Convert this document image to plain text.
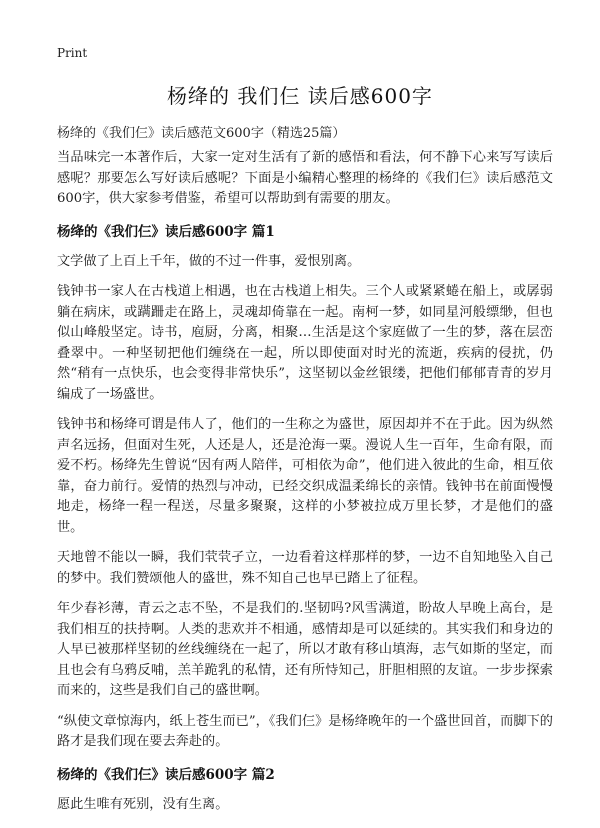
Print
杨绛的 我们仨 读后感600字
杨绛的《我们仨》读后感范文600字（精选25篇）

当品味完一本著作后，大家一定对生活有了新的感悟和看法，何不静下心来写写读后感呢？那要怎么写好读后感呢？下面是小编精心整理的杨绛的《我们仨》读后感范文600字，供大家参考借鉴，希望可以帮助到有需要的朋友。

杨绛的《我们仨》读后感600字 篇1

文学做了上百上千年，做的不过一件事，爱恨别离。

钱钟书一家人在古栈道上相遇，也在古栈道上相失。三个人或紧紧蜷在船上，或孱弱躺在病床，或蹒跚走在路上，灵魂却倚靠在一起。南柯一梦，如同星河般缥缈，但也似山峰般坚定。诗书，庖厨，分离，相聚…生活是这个家庭做了一生的梦，落在层峦叠翠中。一种坚韧把他们缠绕在一起，所以即使面对时光的流逝，疾病的侵扰，仍然“稍有一点快乐，也会变得非常快乐”，这坚韧以金丝银缕，把他们郁郁青青的岁月编成了一场盛世。

钱钟书和杨绛可谓是伟人了，他们的一生称之为盛世，原因却并不在于此。因为纵然声名远扬，但面对生死，人还是人，还是沧海一粟。漫说人生一百年，生命有限，而爱不朽。杨绛先生曾说“因有两人陪伴，可相依为命”，他们进入彼此的生命，相互依靠，奋力前行。爱情的热烈与冲动，已经交织成温柔绵长的亲情。钱钟书在前面慢慢地走，杨绛一程一程送，尽量多聚聚，这样的小梦被拉成万里长梦，才是他们的盛世。

天地曾不能以一瞬，我们茕茕孑立，一边看着这样那样的梦，一边不自知地坠入自己的梦中。我们赞颂他人的盛世，殊不知自己也早已踏上了征程。

年少春衫薄，青云之志不坠，不是我们的.坚韧吗?风雪满道，盼故人早晚上高台，是我们相互的扶持啊。人类的悲欢并不相通，感情却是可以延续的。其实我们和身边的人早已被那样坚韧的丝线缠绕在一起了，所以才敢有移山填海，志气如斯的坚定，而且也会有乌鸦反哺，羔羊跪乳的私情，还有所恃知己，肝胆相照的友谊。一步步探索而来的，这些是我们自己的盛世啊。

“纵使文章惊海内，纸上苍生而已”，《我们仨》是杨绛晚年的一个盛世回首，而脚下的路才是我们现在要去奔赴的。

杨绛的《我们仨》读后感600字 篇2

愿此生唯有死别，没有生离。
